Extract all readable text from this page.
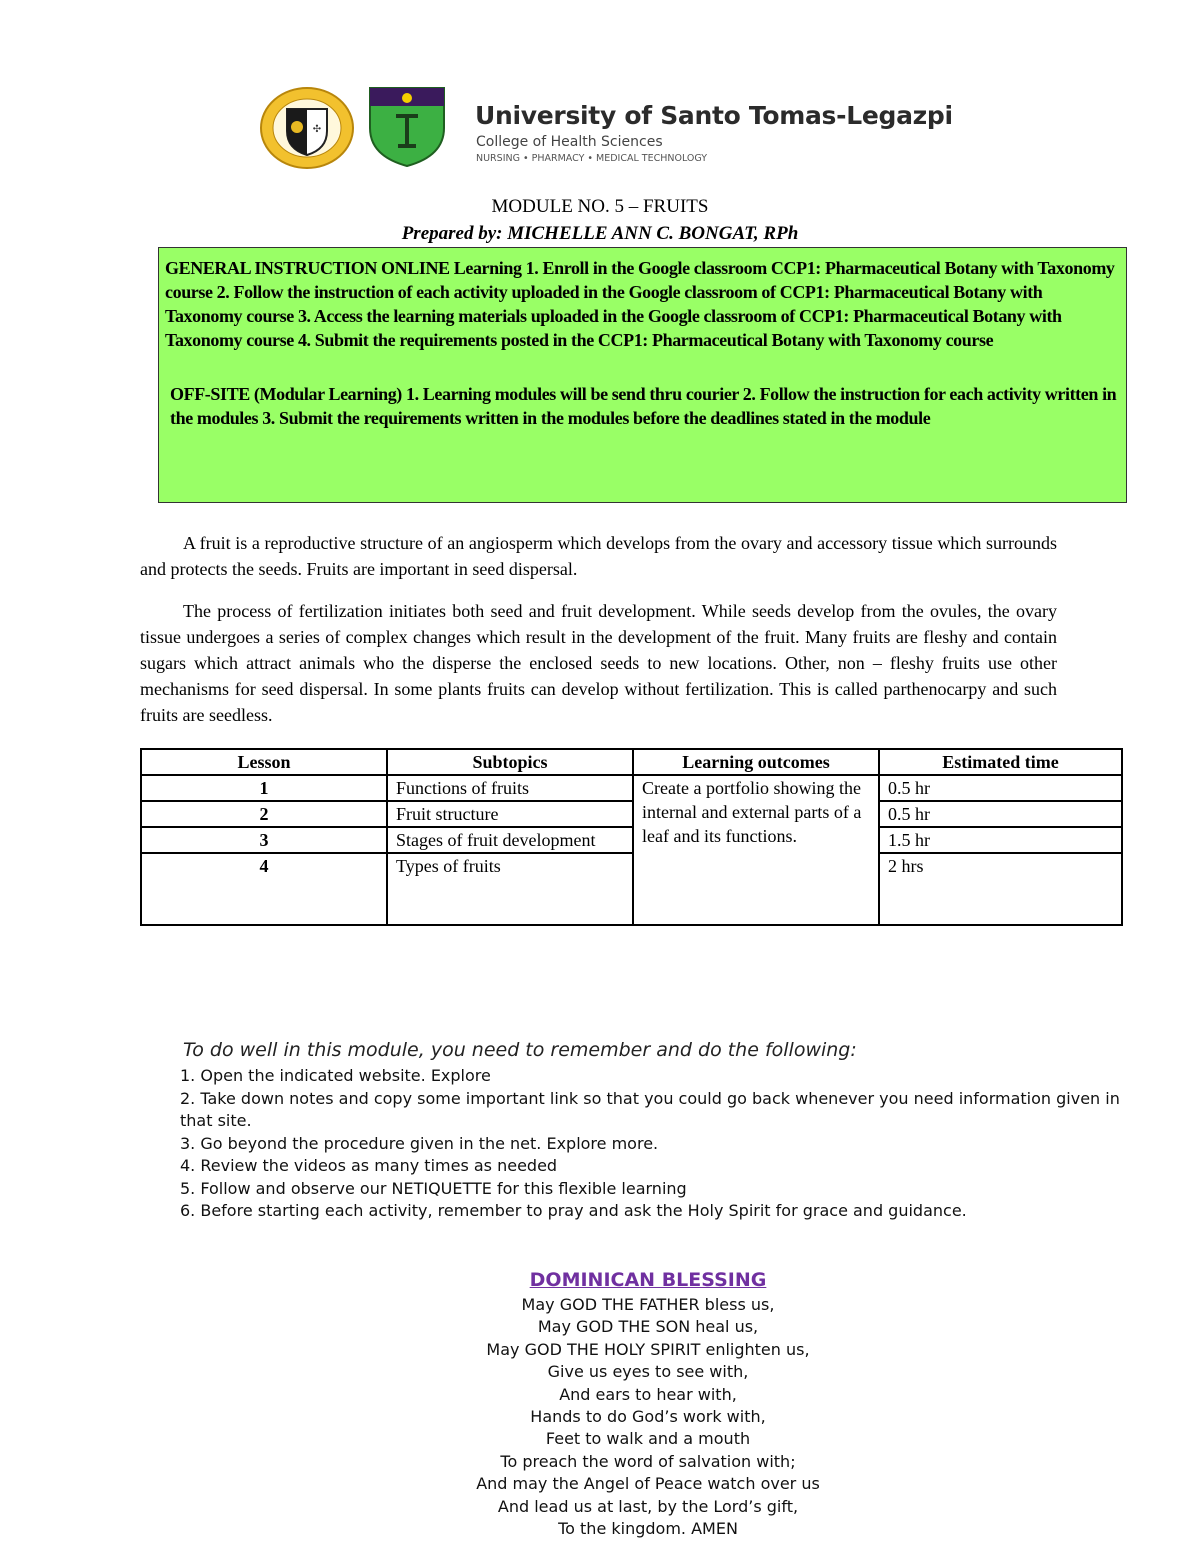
✣	University of Santo Tomas-Legazpi
College of Health Sciences
NURSING • PHARMACY • MEDICAL TECHNOLOGY
MODULE NO. 5 – FRUITS
Prepared by: MICHELLE ANN C. BONGAT, RPh

GENERAL INSTRUCTION ONLINE Learning 1. Enroll in the Google classroom CCP1: Pharmaceutical Botany with Taxonomy course 2. Follow the instruction of each activity uploaded in the Google classroom of CCP1: Pharmaceutical Botany with Taxonomy course 3. Access the learning materials uploaded in the Google classroom of CCP1: Pharmaceutical Botany with Taxonomy course 4. Submit the requirements posted in the CCP1: Pharmaceutical Botany with Taxonomy course

OFF-SITE (Modular Learning) 1. Learning modules will be send thru courier 2. Follow the instruction for each activity written in the modules 3. Submit the requirements written in the modules before the deadlines stated in the module

A fruit is a reproductive structure of an angiosperm which develops from the ovary and accessory tissue which surrounds and protects the seeds. Fruits are important in seed dispersal.

The process of fertilization initiates both seed and fruit development. While seeds develop from the ovules, the ovary tissue undergoes a series of complex changes which result in the development of the fruit. Many fruits are fleshy and contain sugars which attract animals who the disperse the enclosed seeds to new locations. Other, non – fleshy fruits use other mechanisms for seed dispersal. In some plants fruits can develop without fertilization. This is called parthenocarpy and such fruits are seedless.

Lesson	Subtopics	Learning outcomes	Estimated time
1	Functions of fruits	Create a portfolio showing the internal and external parts of a leaf and its functions.	0.5 hr
2	Fruit structure		0.5 hr
3	Stages of fruit development		1.5 hr
4	Types of fruits		2 hrs
To do well in this module, you need to remember and do the following:
1. Open the indicated website. Explore
2. Take down notes and copy some important link so that you could go back whenever you need information given in that site.
3. Go beyond the procedure given in the net. Explore more.
4. Review the videos as many times as needed
5. Follow and observe our NETIQUETTE for this flexible learning
6. Before starting each activity, remember to pray and ask the Holy Spirit for grace and guidance.
DOMINICAN BLESSING
May GOD THE FATHER bless us,
May GOD THE SON heal us,
May GOD THE HOLY SPIRIT enlighten us,
Give us eyes to see with,
And ears to hear with,
Hands to do God’s work with,
Feet to walk and a mouth
To preach the word of salvation with;
And may the Angel of Peace watch over us
And lead us at last, by the Lord’s gift,
To the kingdom. AMEN
